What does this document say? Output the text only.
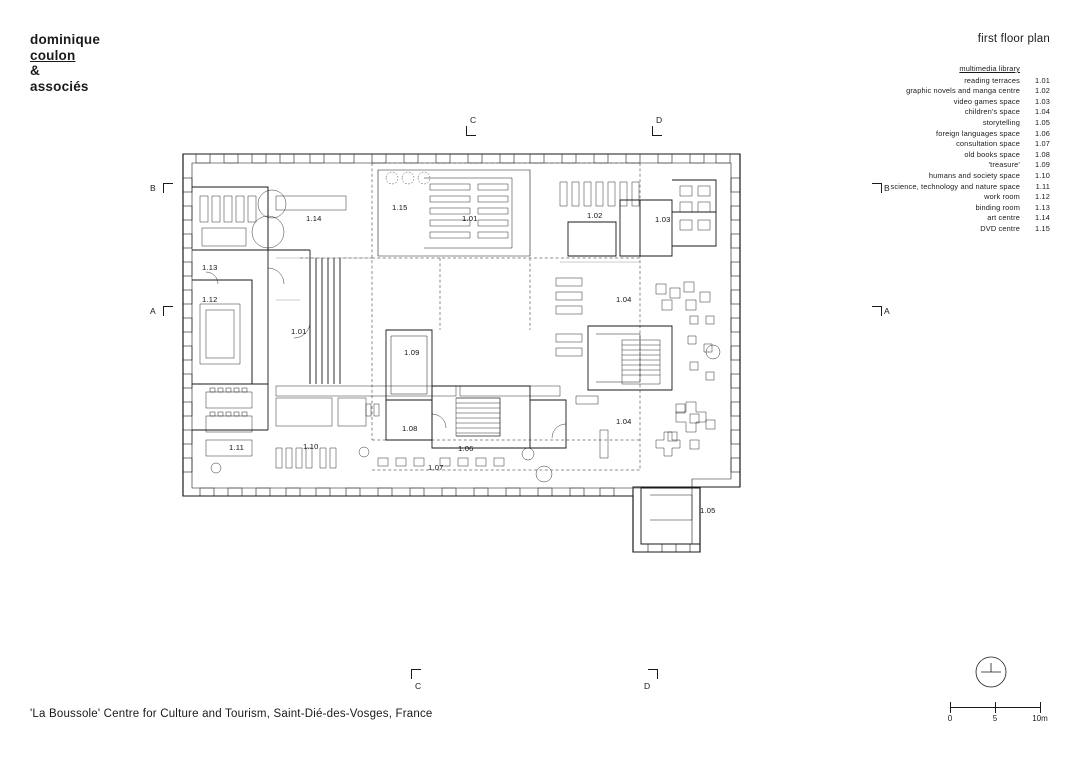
dominique
coulon
&
associés
first floor plan
multimedia library
reading terraces	1.01
graphic novels and manga centre	1.02
video games space	1.03
children's space	1.04
storytelling	1.05
foreign languages space	1.06
consultation space	1.07
old books space	1.08
'treasure'	1.09
humans and society space	1.10
science, technology and nature space	1.11
work room	1.12
binding room	1.13
art centre	1.14
DVD centre	1.15
1.14
1.15
1.01	1.02	1.03
1.13
1.12
1.01
1.04
1.09
1.04
1.08
1.11	1.10	1.06
1.07
1.05
C	D
B	B
A	A
C	D
'La Boussole' Centre for Culture and Tourism, Saint-Dié-des-Vosges, France	0	5	10m
